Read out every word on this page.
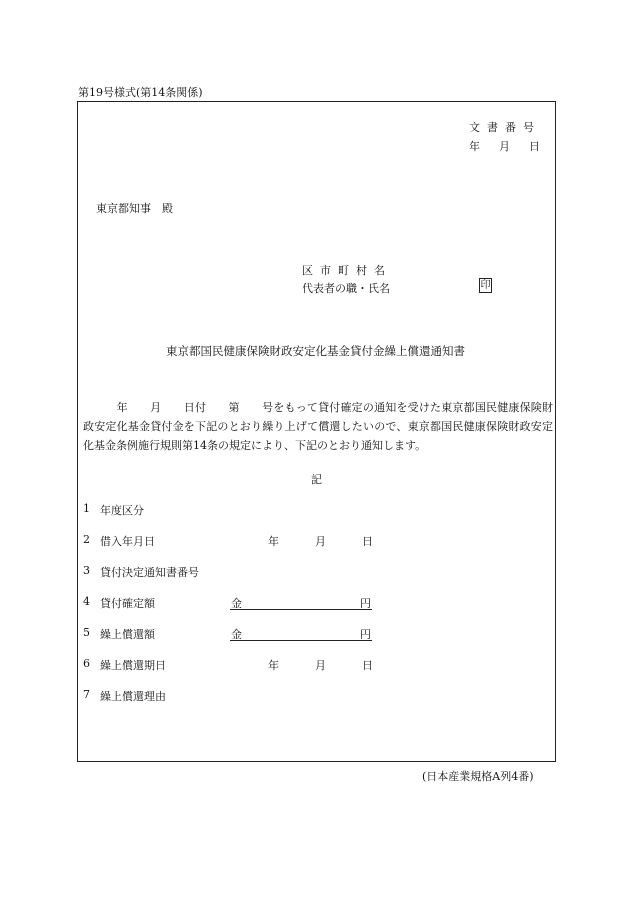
第19号様式(第14条関係)
文書番号
年 月 日
東京都知事　殿
区市町村名
代表者の職・氏名	印
東京都国民健康保険財政安定化基金貸付金繰上償還通知書
　　　年　　月　　日付　　第　　号をもって貸付確定の通知を受けた東京都国民健康保険財政安定化基金貸付金を下記のとおり繰り上げて償還したいので、東京都国民健康保険財政安定化基金条例施行規則第14条の規定により、下記のとおり通知します。
記
1 年度区分
2 借入年月日	年	月	日
3 貸付決定通知書番号
4 貸付確定額	金	円
5 繰上償還額	金	円
6 繰上償還期日	年	月	日
7 繰上償還理由
(日本産業規格A列4番)
